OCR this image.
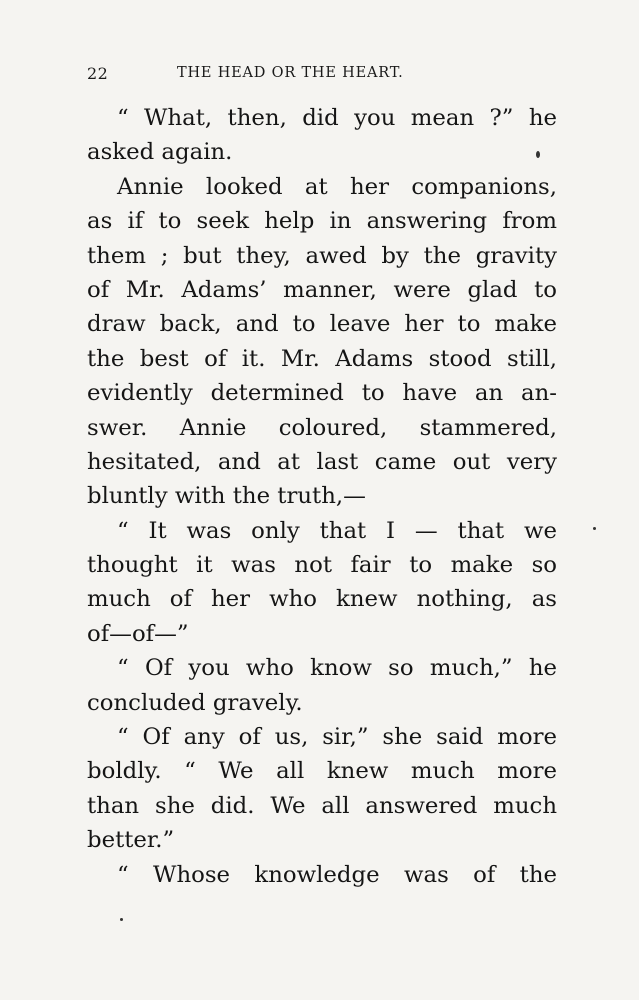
22	THE HEAD OR THE HEART.
“ What, then, did you mean ?” he
asked again.
Annie looked at her companions,
as if to seek help in answering from
them ; but they, awed by the gravity
of Mr. Adams’ manner, were glad to
draw back, and to leave her to make
the best of it. Mr. Adams stood still,
evidently determined to have an an-
swer. Annie coloured, stammered,
hesitated, and at last came out very
bluntly with the truth,—
“ It was only that I — that we
thought it was not fair to make so
much of her who knew nothing, as
of—of—”
“ Of you who know so much,” he
concluded gravely.
“ Of any of us, sir,” she said more
boldly. “ We all knew much more
than she did. We all answered much
better.”
“ Whose knowledge was of the
